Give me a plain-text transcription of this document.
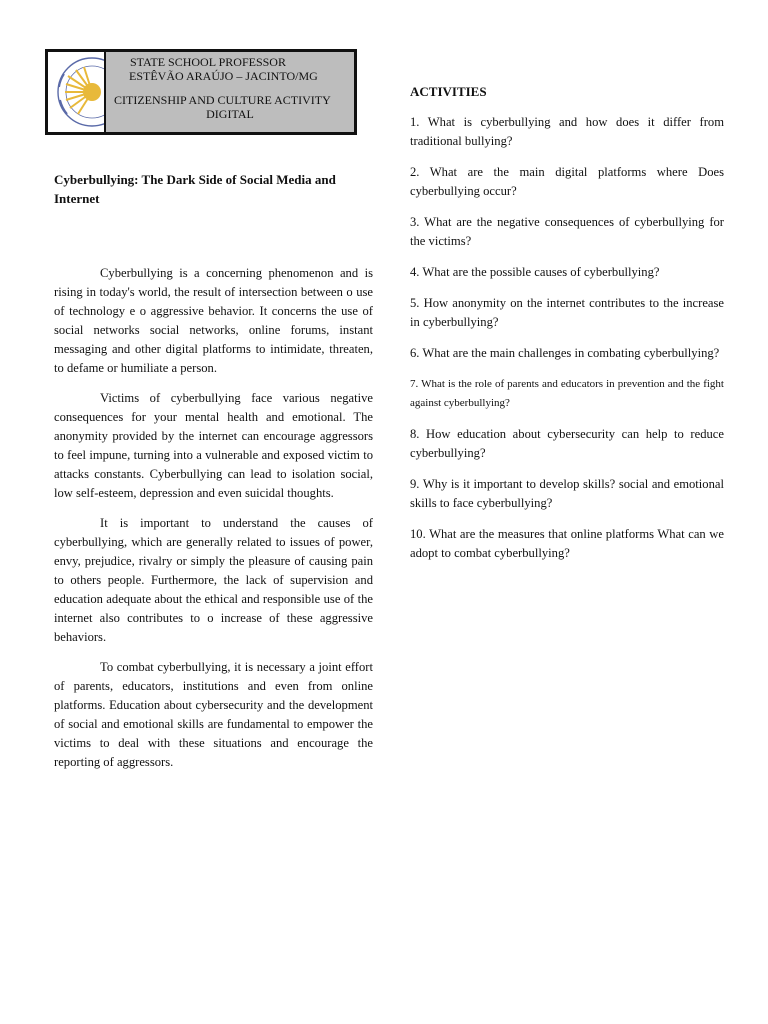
STATE SCHOOL PROFESSOR
ESTÊVÃO ARAÚJO – JACINTO/MG
CITIZENSHIP AND CULTURE ACTIVITY
DIGITAL
Cyberbullying: The Dark Side of Social Media and Internet

Cyberbullying is a concerning phenomenon and is rising in today's world, the result of intersection between o use of technology e o aggressive behavior. It concerns the use of social networks social networks, online forums, instant messaging and other digital platforms to intimidate, threaten, to defame or humiliate a person.

Victims of cyberbullying face various negative consequences for your mental health and emotional. The anonymity provided by the internet can encourage aggressors to feel impune, turning into a vulnerable and exposed victim to attacks constants. Cyberbullying can lead to isolation social, low self-esteem, depression and even suicidal thoughts.

It is important to understand the causes of cyberbullying, which are generally related to issues of power, envy, prejudice, rivalry or simply the pleasure of causing pain to others people. Furthermore, the lack of supervision and education adequate about the ethical and responsible use of the internet also contributes to o increase of these aggressive behaviors.

To combat cyberbullying, it is necessary a joint effort of parents, educators, institutions and even from online platforms. Education about cybersecurity and the development of social and emotional skills are fundamental to empower the victims to deal with these situations and encourage the reporting of aggressors.

ACTIVITIES

1. What is cyberbullying and how does it differ from traditional bullying?

2. What are the main digital platforms where Does cyberbullying occur?

3. What are the negative consequences of cyberbullying for the victims?

4. What are the possible causes of cyberbullying?

5. How anonymity on the internet contributes to the increase in cyberbullying?

6. What are the main challenges in combating cyberbullying?

7. What is the role of parents and educators in prevention and the fight against cyberbullying?

8. How education about cybersecurity can help to reduce cyberbullying?

9. Why is it important to develop skills? social and emotional skills to face cyberbullying?

10. What are the measures that online platforms What can we adopt to combat cyberbullying?
